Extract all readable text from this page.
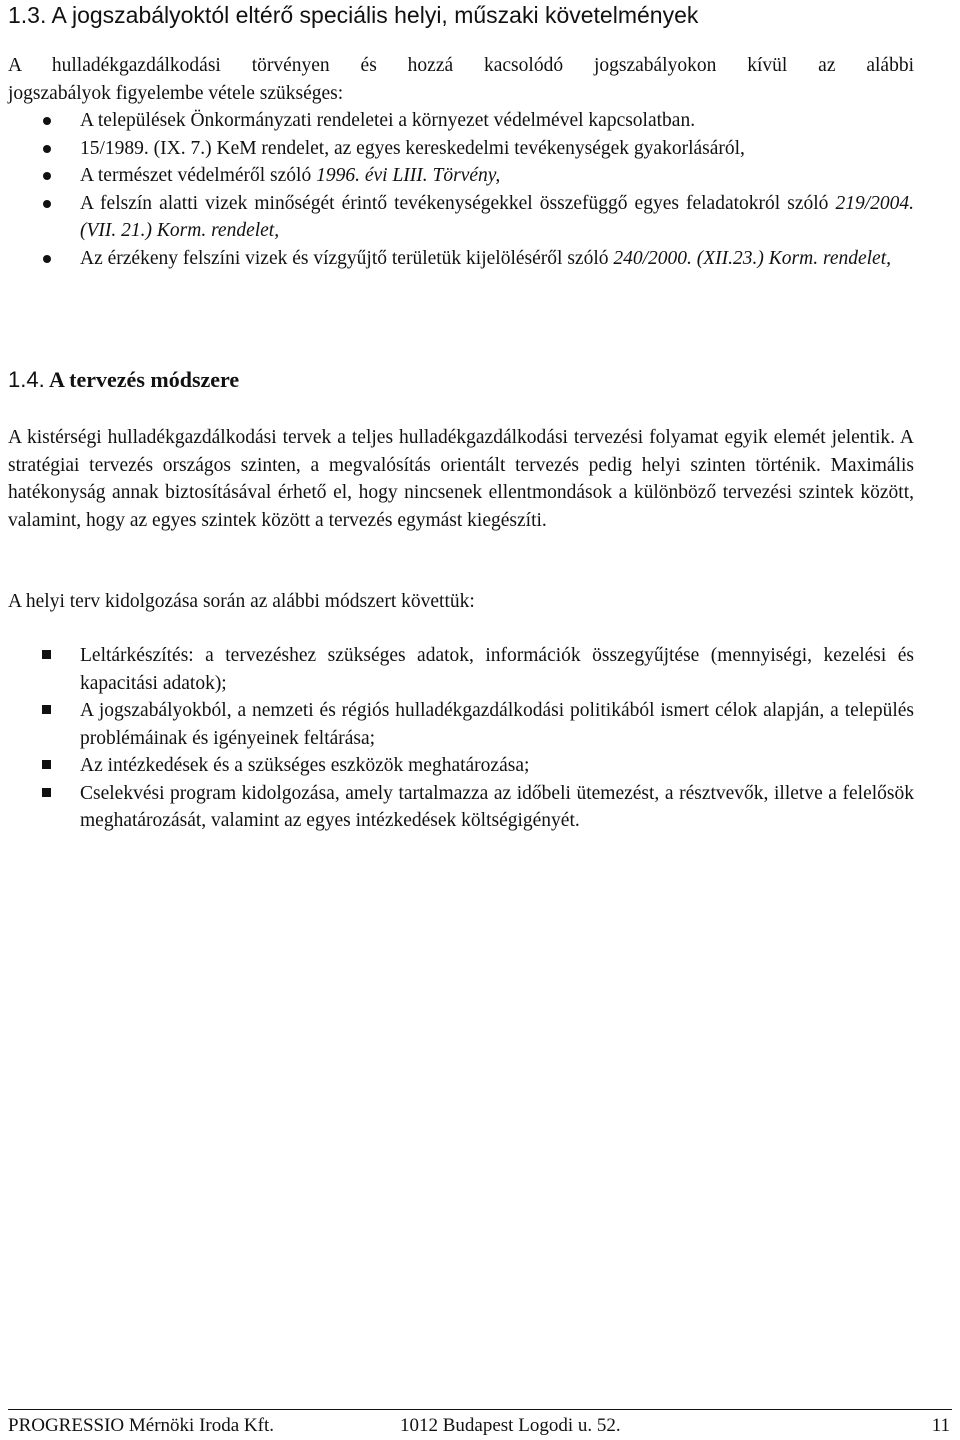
1.3. A jogszabályoktól eltérő speciális helyi, műszaki követelmények

A hulladékgazdálkodási törvényen és hozzá kacsolódó jogszabályokon kívül az alábbi
jogszabályok figyelembe vétele szükséges:

A települések Önkormányzati rendeletei a környezet védelmével kapcsolatban.
15/1989. (IX. 7.) KeM rendelet, az egyes kereskedelmi tevékenységek gyakorlásáról,
A természet védelméről szóló 1996. évi LIII. Törvény,
A felszín alatti vizek minőségét érintő tevékenységekkel összefüggő egyes feladatokról szóló 219/2004. (VII. 21.) Korm. rendelet,
Az érzékeny felszíni vizek és vízgyűjtő területük kijelöléséről szóló 240/2000. (XII.23.) Korm. rendelet,
1.4. A tervezés módszere

A kistérségi hulladékgazdálkodási tervek a teljes hulladékgazdálkodási tervezési folyamat egyik elemét jelentik. A stratégiai tervezés országos szinten, a megvalósítás orientált tervezés pedig helyi szinten történik. Maximális hatékonyság annak biztosításával érhető el, hogy nincsenek ellentmondások a különböző tervezési szintek között, valamint, hogy az egyes szintek között a tervezés egymást kiegészíti.

A helyi terv kidolgozása során az alábbi módszert követtük:

Leltárkészítés: a tervezéshez szükséges adatok, információk összegyűjtése (mennyiségi, kezelési és kapacitási adatok);
A jogszabályokból, a nemzeti és régiós hulladékgazdálkodási politikából ismert célok alapján, a település problémáinak és igényeinek feltárása;
Az intézkedések és a szükséges eszközök meghatározása;
Cselekvési program kidolgozása, amely tartalmazza az időbeli ütemezést, a résztvevők, illetve a felelősök meghatározását, valamint az egyes intézkedések költségigényét.
PROGRESSIO Mérnöki Iroda Kft.	1012 Budapest Logodi u. 52.	11
